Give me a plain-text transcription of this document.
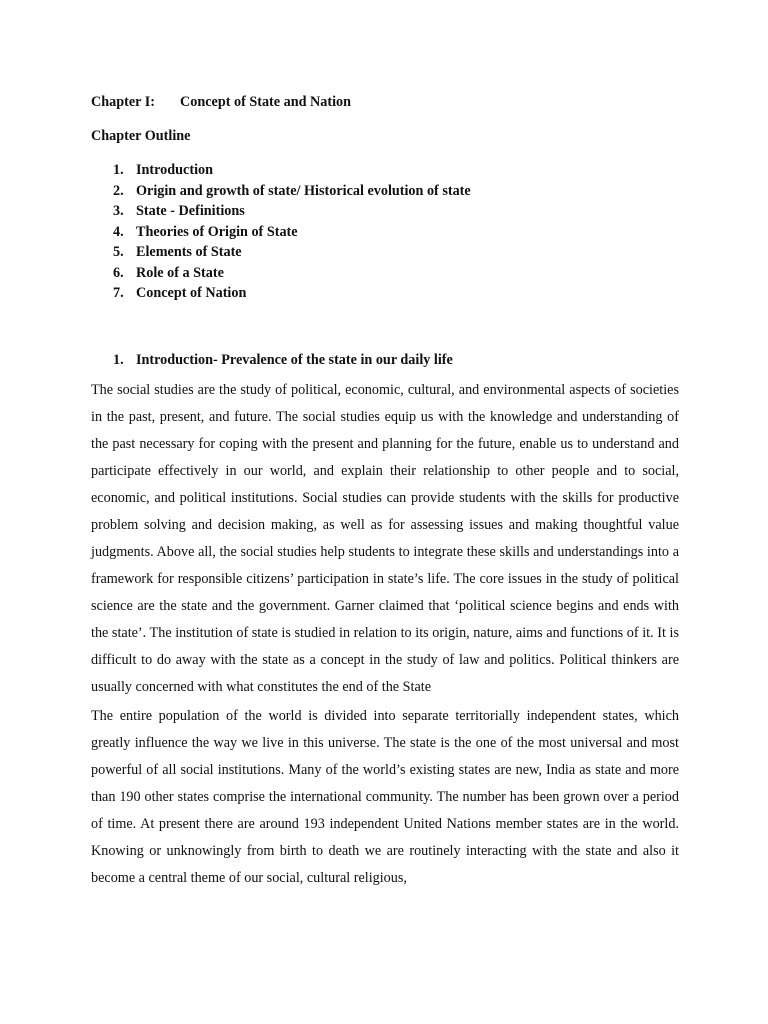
Chapter I: Concept of State and Nation

Chapter Outline

1. Introduction
2. Origin and growth of state/ Historical evolution of state
3. State - Definitions
4. Theories of Origin of State
5. Elements of State
6. Role of a State
7. Concept of Nation

1. Introduction- Prevalence of the state in our daily life

The social studies are the study of political, economic, cultural, and environmental aspects of societies in the past, present, and future. The social studies equip us with the knowledge and understanding of the past necessary for coping with the present and planning for the future, enable us to understand and participate effectively in our world, and explain their relationship to other people and to social, economic, and political institutions. Social studies can provide students with the skills for productive problem solving and decision making, as well as for assessing issues and making thoughtful value judgments. Above all, the social studies help students to integrate these skills and understandings into a framework for responsible citizens’ participation in state’s life. The core issues in the study of political science are the state and the government. Garner claimed that ‘political science begins and ends with the state’. The institution of state is studied in relation to its origin, nature, aims and functions of it. It is difficult to do away with the state as a concept in the study of law and politics. Political thinkers are usually concerned with what constitutes the end of the State

The entire population of the world is divided into separate territorially independent states, which greatly influence the way we live in this universe. The state is the one of the most universal and most powerful of all social institutions. Many of the world’s existing states are new, India as state and more than 190 other states comprise the international community. The number has been grown over a period of time. At present there are around 193 independent United Nations member states are in the world. Knowing or unknowingly from birth to death we are routinely interacting with the state and also it become a central theme of our social, cultural religious,
